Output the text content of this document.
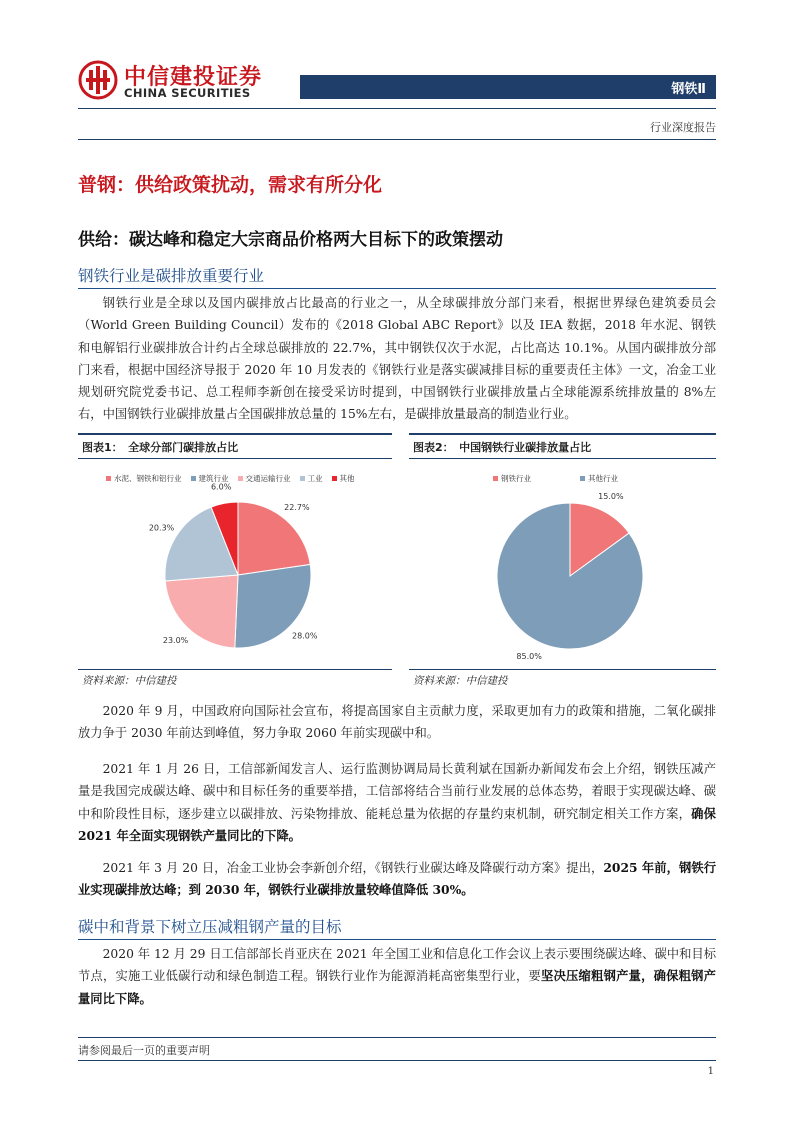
中信建投证券
CHINA SECURITIES	钢铁Ⅱ
行业深度报告
普钢：供给政策扰动，需求有所分化
供给：碳达峰和稳定大宗商品价格两大目标下的政策摆动
钢铁行业是碳排放重要行业
钢铁行业是全球以及国内碳排放占比最高的行业之一，从全球碳排放分部门来看，根据世界绿色建筑委员会（World Green Building Council）发布的《2018 Global ABC Report》以及 IEA 数据，2018 年水泥、钢铁和电解铝行业碳排放合计约占全球总碳排放的 22.7%，其中钢铁仅次于水泥，占比高达 10.1%。从国内碳排放分部门来看，根据中国经济导报于 2020 年 10 月发表的《钢铁行业是落实碳减排目标的重要责任主体》一文，冶金工业规划研究院党委书记、总工程师李新创在接受采访时提到，中国钢铁行业碳排放量占全球能源系统排放量的 8%左右，中国钢铁行业碳排放量占全国碳排放总量的 15%左右，是碳排放量最高的制造业行业。
图表1：　全球分部门碳排放占比
水泥、钢铁和铝行业 建筑行业 交通运输行业 工业 其他
22.7%
28.0%
23.0%
20.3%
6.0%
资料来源：中信建投
图表2：　中国钢铁行业碳排放量占比
钢铁行业	其他行业
15.0%
85.0%
资料来源：中信建投
2020 年 9 月，中国政府向国际社会宣布，将提高国家自主贡献力度，采取更加有力的政策和措施，二氧化碳排放力争于 2030 年前达到峰值，努力争取 2060 年前实现碳中和。
2021 年 1 月 26 日，工信部新闻发言人、运行监测协调局局长黄利斌在国新办新闻发布会上介绍，钢铁压减产量是我国完成碳达峰、碳中和目标任务的重要举措，工信部将结合当前行业发展的总体态势，着眼于实现碳达峰、碳中和阶段性目标，逐步建立以碳排放、污染物排放、能耗总量为依据的存量约束机制，研究制定相关工作方案，确保 2021 年全面实现钢铁产量同比的下降。
2021 年 3 月 20 日，冶金工业协会李新创介绍，《钢铁行业碳达峰及降碳行动方案》提出，2025 年前，钢铁行业实现碳排放达峰；到 2030 年，钢铁行业碳排放量较峰值降低 30%。
碳中和背景下树立压减粗钢产量的目标
2020 年 12 月 29 日工信部部长肖亚庆在 2021 年全国工业和信息化工作会议上表示要围绕碳达峰、碳中和目标节点，实施工业低碳行动和绿色制造工程。钢铁行业作为能源消耗高密集型行业，要坚决压缩粗钢产量，确保粗钢产量同比下降。
请参阅最后一页的重要声明
1
